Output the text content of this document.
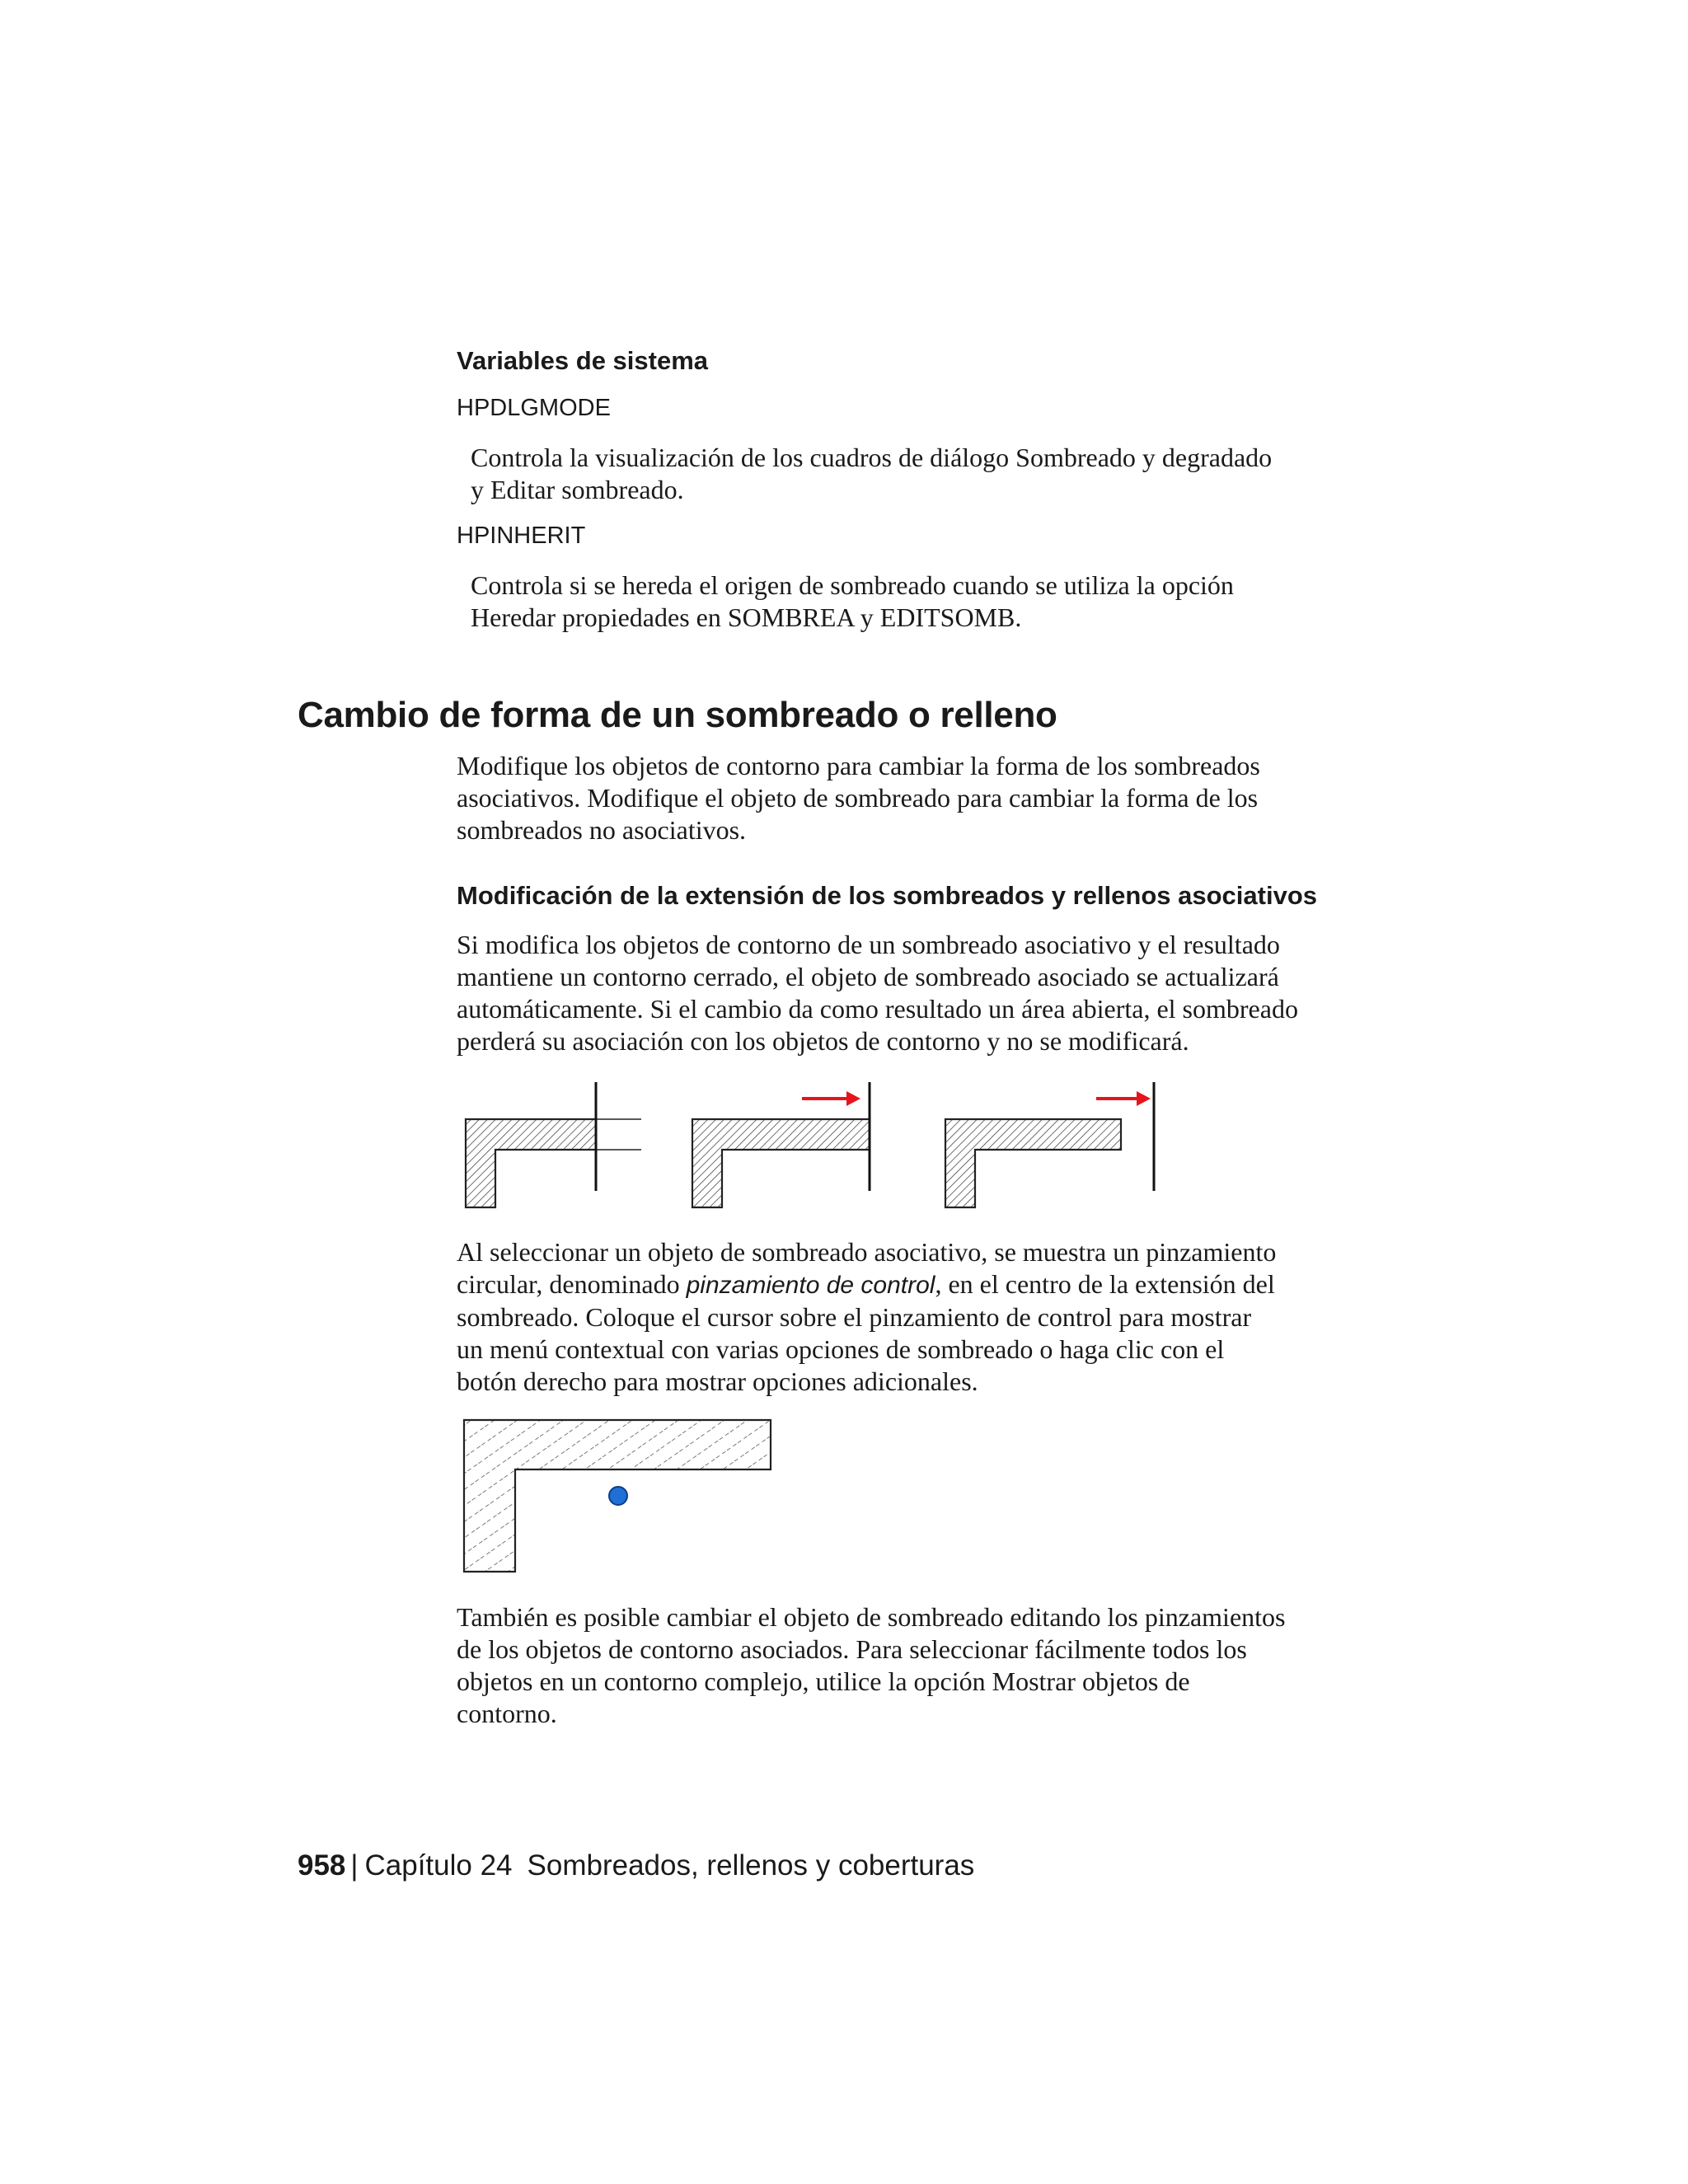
Variables de sistema
HPDLGMODE
Controla la visualización de los cuadros de diálogo Sombreado y degradado
y Editar sombreado.
HPINHERIT
Controla si se hereda el origen de sombreado cuando se utiliza la opción
Heredar propiedades en SOMBREA y EDITSOMB.
Cambio de forma de un sombreado o relleno
Modifique los objetos de contorno para cambiar la forma de los sombreados
asociativos. Modifique el objeto de sombreado para cambiar la forma de los
sombreados no asociativos.
Modificación de la extensión de los sombreados y rellenos asociativos
Si modifica los objetos de contorno de un sombreado asociativo y el resultado
mantiene un contorno cerrado, el objeto de sombreado asociado se actualizará
automáticamente. Si el cambio da como resultado un área abierta, el sombreado
perderá su asociación con los objetos de contorno y no se modificará.
Al seleccionar un objeto de sombreado asociativo, se muestra un pinzamiento
circular, denominado pinzamiento de control, en el centro de la extensión del
sombreado. Coloque el cursor sobre el pinzamiento de control para mostrar
un menú contextual con varias opciones de sombreado o haga clic con el
botón derecho para mostrar opciones adicionales.
También es posible cambiar el objeto de sombreado editando los pinzamientos
de los objetos de contorno asociados. Para seleccionar fácilmente todos los
objetos en un contorno complejo, utilice la opción Mostrar objetos de
contorno.
958 | Capítulo 24 Sombreados, rellenos y coberturas
